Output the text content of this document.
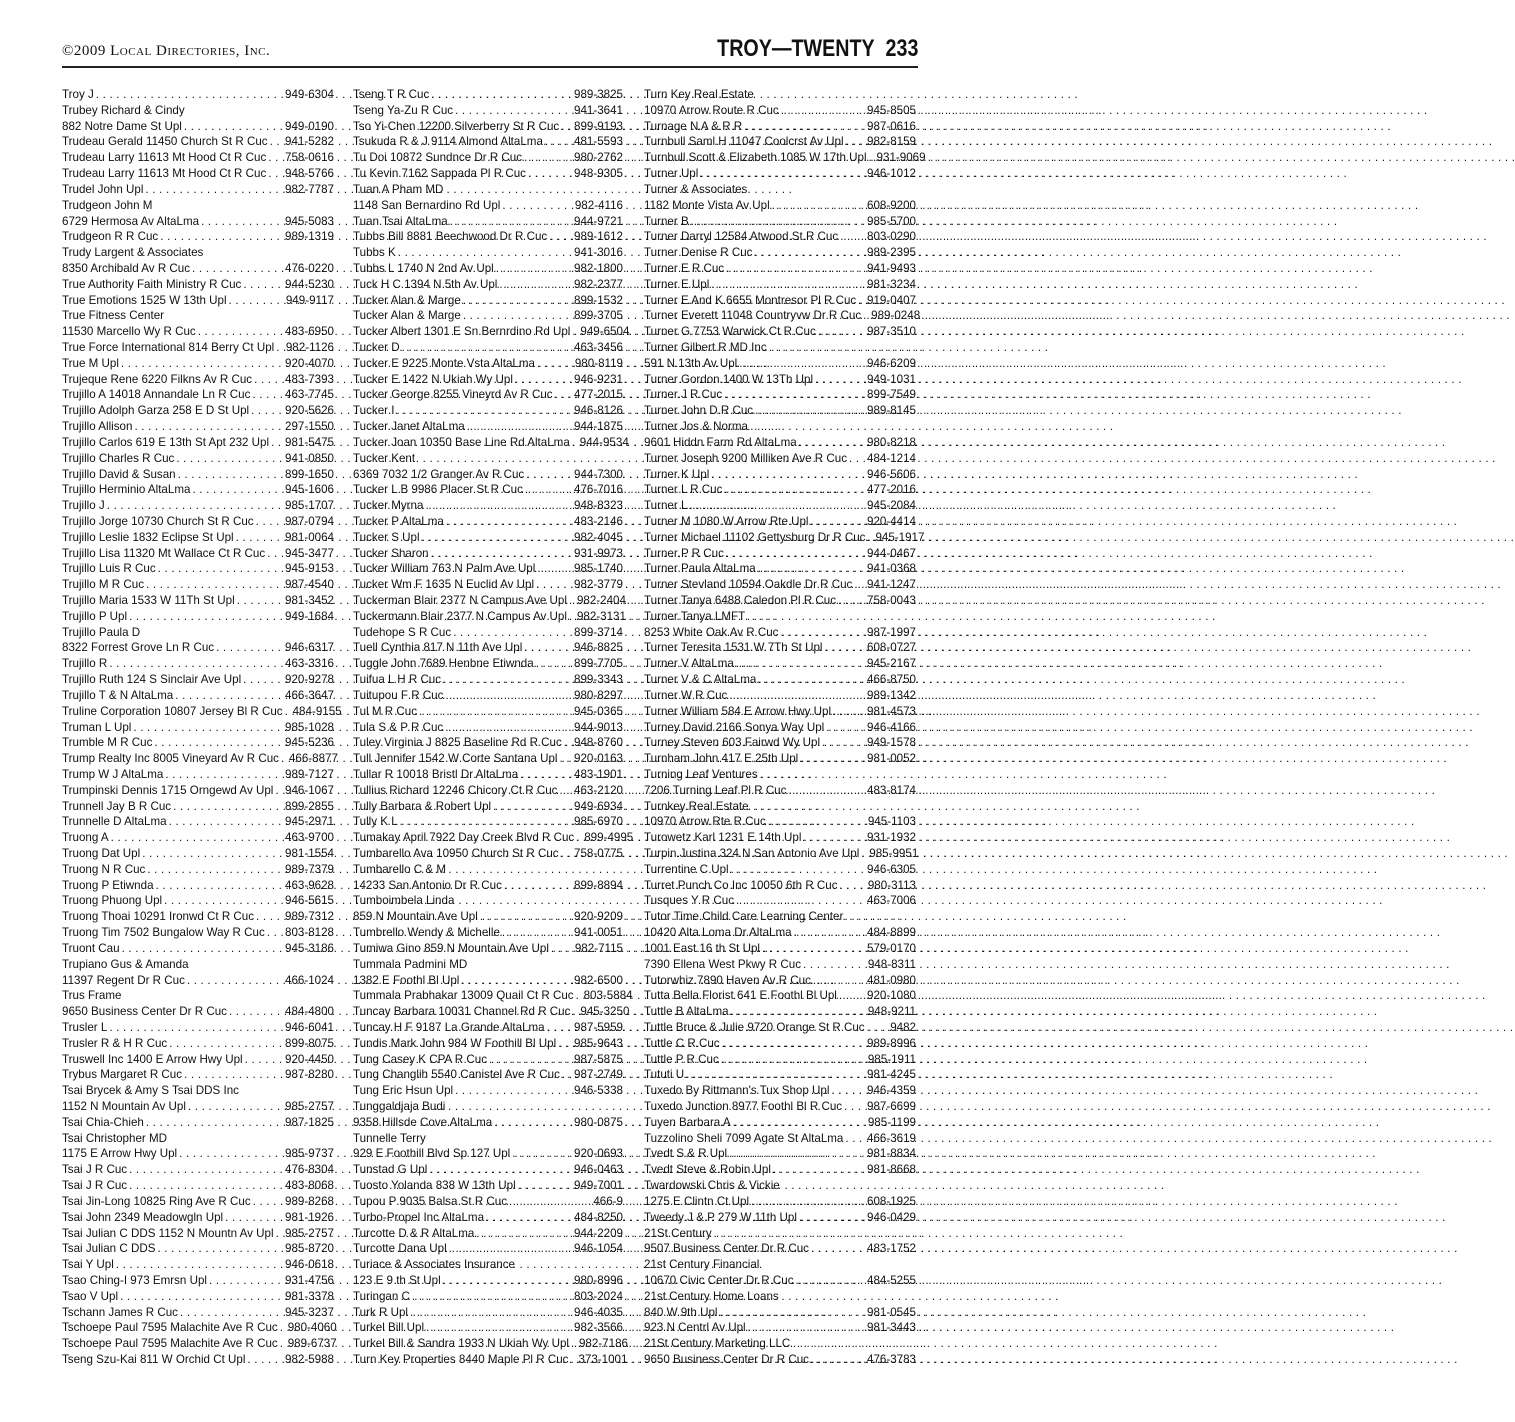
©2009 Local Directories, Inc.	TROY—TWENTY 233
Troy J . . .	949-6304
Trubey Richard & Cindy
882 Notre Dame St Upl . . .	949-0190
Trudeau Gerald 11450 Church St R Cuc . . . 941-5282
Trudeau Larry 11613 Mt Hood Ct R Cuc . . . 758-0616
Trudeau Larry 11613 Mt Hood Ct R Cuc . . . 948-5766
Trudel John Upl . . .	982-7787
Trudgeon John M
6729 Hermosa Av AltaLma . . .	945-5083
Trudgeon R R Cuc . . .	989-1319
Trudy Largent & Associates
8350 Archibald Av R Cuc . . .	476-0220
True Authority Faith Ministry R Cuc . . .	944-5230
True Emotions 1525 W 13th Upl . . .	949-9117
True Fitness Center
11530 Marcello Wy R Cuc . . .	483-6950
True Force International 814 Berry Ct Upl . . . 982-1126
True M Upl . . .	920-4070
Trujeque Rene 6220 Filkns Av R Cuc . . .	483-7393
Trujillo A 14018 Annandale Ln R Cuc . . .	463-7745
Trujillo Adolph Garza 258 E D St Upl . . .	920-5626
Trujillo Allison . . .	297-1550
Trujillo Carlos 619 E 13th St Apt 232 Upl . . . 981-5475
Trujillo Charles R Cuc . . .	941-0850
Trujillo David & Susan . . .	899-1650
Trujillo Herminio AltaLma . . .	945-1606
Trujillo J . . .	985-1707
Trujillo Jorge 10730 Church St R Cuc . . .	987-0794
Trujillo Leslie 1832 Eclipse St Upl . . .	981-0064
Trujillo Lisa 11320 Mt Wallace Ct R Cuc . . . 945-3477
Trujillo Luis R Cuc . . .	945-9153
Trujillo M R Cuc . . .	987-4540
Trujillo Maria 1533 W 11Th St Upl . . .	981-3452
Trujillo P Upl . . .	949-1684
Trujillo Paula D
8322 Forrest Grove Ln R Cuc . . .	946-6317
Trujillo R . . .	463-3316
Trujillo Ruth 124 S Sinclair Ave Upl . . .	920-9278
Trujillo T & N AltaLma . . .	466-3647
Truline Corporation 10807 Jersey Bl R Cuc . . . 484-9155
Truman L Upl . . .	985-1028
Trumble M R Cuc . . .	945-5236
Trump Realty Inc 8005 Vineyard Av R Cuc . . . 466-8877
Trump W J AltaLma . . .	989-7127
Trumpinski Dennis 1715 Orngewd Av Upl . . . 946-1067
Trunnell Jay B R Cuc . . .	899-2855
Trunnelle D AltaLma . . .	945-2971
Truong A . . .	463-9700
Truong Dat Upl . . .	981-1554
Truong N R Cuc . . .	989-7379
Truong P Etiwnda . . .	463-9628
Truong Phuong Upl . . .	946-5615
Truong Thoai 10291 Ironwd Ct R Cuc . . .	989-7312
Truong Tim 7502 Bungalow Way R Cuc . . . 803-8128
Truont Cau . . .	945-3186
Trupiano Gus & Amanda
11397 Regent Dr R Cuc . . .	466-1024
Trus Frame
9650 Business Center Dr R Cuc . . .	484-4800
Trusler L . . .	946-6041
Trusler R & H R Cuc . . .	899-8075
Truswell Inc 1400 E Arrow Hwy Upl . . .	920-4450
Trybus Margaret R Cuc . . .	987-8280
Tsai Brycek & Amy S Tsai DDS Inc
1152 N Mountain Av Upl . . .	985-2757
Tsai Chia-Chieh . . .	987-1825
Tsai Christopher MD
1175 E Arrow Hwy Upl . . .	985-9737
Tsai J R Cuc . . .	476-8304
Tsai J R Cuc . . .	483-8068
Tsai Jin-Long 10825 Ring Ave R Cuc . . .	989-8268
Tsai John 2349 Meadowgln Upl . . .	981-1926
Tsai Julian C DDS 1152 N Mountn Av Upl . . . 985-2757
Tsai Julian C DDS . . .	985-8720
Tsai Y Upl . . .	946-0618
Tsao Ching-I 973 Emrsn Upl . . .	931-4756
Tsao V Upl . . .	981-3378
Tschann James R Cuc . . .	945-3237
Tschoepe Paul 7595 Malachite Ave R Cuc . . . 980-4060
Tschoepe Paul 7595 Malachite Ave R Cuc . . . 989-6737
Tseng Szu-Kai 811 W Orchid Ct Upl . . .	982-5988
Tseng T R Cuc . . .	989-3825
Tseng Ya-Zu R Cuc . . .	941-3641
Tso Yi-Chen 12200 Silverberry St R Cuc . . . 899-9193
Tsukuda R & J 9114 Almond AltaLma . . .	481-5593
Tu Doi 10872 Sundnce Dr R Cuc . . .	980-2762
Tu Kevin 7162 Sappada Pl R Cuc . . .	948-9305
Tuan A Pham MD
1148 San Bernardino Rd Upl . . .	982-4116
Tuan Tsai AltaLma . . .	944-9721
Tubbs Bill 8881 Beechwood Dr R Cuc . . . 989-1612
Tubbs K . . .	941-3016
Tubbs L 1740 N 2nd Av Upl . . .	982-1800
Tuck H C 1394 N 5th Av Upl . . .	982-2377
Tucker Alan & Marge . . .	899-1532
Tucker Alan & Marge . . .	899-3705
Tucker Albert 1301 E Sn Bernrdino Rd Upl . . . 949-6504
Tucker D . . .	463-3456
Tucker E 9225 Monte Vsta AltaLma . . .	980-8119
Tucker E 1422 N Ukiah Wy Upl . . .	946-9231
Tucker George 8255 Vineyrd Av R Cuc . . . 477-2015
Tucker I . . .	946-8126
Tucker Janet AltaLma . . .	944-1875
Tucker Joan 10350 Base Line Rd AltaLma . . . 944-9534
Tucker Kent
6369 7032 1/2 Granger Av R Cuc . . .	944-7300
Tucker L B 9986 Placer St R Cuc . . .	476-7016
Tucker Myrna . . .	948-8323
Tucker P AltaLma . . .	483-2146
Tucker S Upl . . .	982-4045
Tucker Sharon . . .	931-9973
Tucker William 763 N Palm Ave Upl . . .	985-1740
Tucker Wm F 1635 N Euclid Av Upl . . .	982-3779
Tuckerman Blair 2377 N Campus Ave Upl . . . 982-2404
Tuckermann Blair 2377 N Campus Av Upl . . . 982-3131
Tudehope S R Cuc . . .	899-3714
Tuell Cynthia 817 N 11th Ave Upl . . .	946-8825
Tuggle John 7689 Henbne Etiwnda . . .	899-7705
Tuifua L H R Cuc . . .	899-3343
Tuitupou F R Cuc . . .	980-8297
Tul M R Cuc . . .	945-0365
Tula S & P R Cuc . . .	944-9013
Tuley Virginia J 8825 Baseline Rd R Cuc . . . 948-8760
Tull Jennifer 1542 W Corte Santana Upl . . . 920-0163
Tullar R 10018 Bristl Dr AltaLma . . .	483-1901
Tullius Richard 12246 Chicory Ct R Cuc . . . 463-2120
Tully Barbara & Robert Upl . . .	949-6934
Tully K L . . .	985-6970
Tumakay April 7922 Day Creek Blvd R Cuc . . . 899-4995
Tumbarello Ava 10950 Church St R Cuc . . . 758-0775
Tumbarello C & M
14233 San Antonio Dr R Cuc . . .	899-8894
Tumboimbela Linda
859 N Mountain Ave Upl . . .	920-9209
Tumbrello Wendy & Michelle . . .	941-0051
Tumiwa Gino 859 N Mountain Ave Upl . . . 982-7115
Tummala Padmini MD
1382 E Foothl Bl Upl . . .	982-6500
Tummala Prabhakar 13009 Quail Ct R Cuc . . . 803-5884
Tuncay Barbara 10031 Channel Rd R Cuc . . . 945-3250
Tuncay H F 9187 La Grande AltaLma . . .	987-5959
Tundis Mark John 984 W Foothill Bl Upl . . . 985-9643
Tung Casey K CPA R Cuc . . .	987-5875
Tung Changlih 5540 Canistel Ave R Cuc . . . 987-2749
Tung Eric Hsun Upl . . .	946-5338
Tunggaldjaja Budi
9358 Hillsde Cove AltaLma . . .	980-0875
Tunnelle Terry
929 E Foothill Blvd Sp 127 Upl . . .	920-0693
Tunstad G Upl . . .	946-0463
Tuosto Yolanda 838 W 13th Upl . . .	949-7001
Tupou P 9035 Balsa St R Cuc . . .	466-9
Turbo-Propel Inc AltaLma . . .	484-8250
Turcotte D & R AltaLma . . .	944-2209
Turcotte Dana Upl . . .	946-1054
Turiace & Associates Insurance
123 E 9 th St Upl . . .	980-8996
Turingan C . . .	803-2024
Turk R Upl . . .	946-4035
Turkel Bill Upl . . .	982-3566
Turkel Bill & Sandra 1933 N Ukiah Wy Upl . . . 982-7186
Turn Key Properties 8440 Maple Pl R Cuc . . . 373-1001
Turn Key Real Estate
10970 Arrow Route R Cuc . . .	945-8505
Turnage N A & R R . . .	987-0616
Turnbull Saml H 11047 Coolcrst Av Upl . . . 982-8159
Turnbull Scott & Elizabeth 1085 W 17th Upl . . . 931-9069
Turner Upl . . .	946-1012
Turner & Associates
1182 Monte Vista Av Upl . . .	608-9200
Turner B . . .	985-5700
Turner Darryl 12584 Atwood St R Cuc . . . 803-0290
Turner Denise R Cuc . . .	989-2395
Turner E R Cuc . . .	941-9493
Turner E Upl . . .	981-3234
Turner E And K 6655 Montresor Pl R Cuc . . . 919-0407
Turner Everett 11048 Countryvw Dr R Cuc . . . 989-0248
Turner G 7753 Warwick Ct R Cuc . . .	987-3510
Turner Gilbert R MD Inc
591 N 13th Av Upl . . .	946-6209
Turner Gordon 1400 W 13Th Upl . . .	949-1031
Turner J R Cuc . . .	899-7549
Turner John D R Cuc . . .	989-8145
Turner Jos & Norma
9601 Hiddn Farm Rd AltaLma . . .	980-8218
Turner Joseph 9200 Milliken Ave R Cuc . . . 484-1214
Turner K Upl . . .	946-5606
Turner L R Cuc . . .	477-2016
Turner L . . .	945-2084
Turner M 1080 W Arrow Rte Upl . . .	920-4414
Turner Michael 11102 Gettysburg Dr R Cuc . . . 945-1917
Turner P R Cuc . . .	944-0467
Turner Paula AltaLma . . .	941-0368
Turner Stevland 10594 Oakdle Dr R Cuc . . . 941-1247
Turner Tanya 6488 Caledon Pl R Cuc . . .	758-0043
Turner Tanya LMFT
8253 White Oak Av R Cuc . . .	987-1997
Turner Teresita 1531 W 7Th St Upl . . .	608-0727
Turner V AltaLma . . .	945-2167
Turner V & C AltaLma . . .	466-8750
Turner W R Cuc . . .	989-1342
Turner William 584 E Arrow Hwy Upl . . .	981-4573
Turney David 2166 Sonya Way Upl . . .	946-4166
Turney Steven 603 Fairwd Wy Upl . . .	949-1578
Turnham John 417 E 25th Upl . . .	981-0052
Turning Leaf Ventures
7206 Turning Leaf Pl R Cuc . . .	483-8174
Turnkey Real Estate
10970 Arrow Rte R Cuc . . .	945-1103
Turowetz Karl 1231 E 14th Upl . . .	931-1932
Turpin Justina 324 N San Antonio Ave Upl . . . 985-9951
Turrentine C Upl . . .	946-6305
Turret Punch Co Inc 10050 6th R Cuc . . .	980-3113
Tusques Y R Cuc . . .	463-7006
Tutor Time Child Care Learning Center
10420 Alta Loma Dr AltaLma . . .	484-8899
1001 East 16 th St Upl . . .	579-0170
7390 Ellena West Pkwy R Cuc . . .	948-8311
Tutorwhiz 7890 Haven Av R Cuc . . .	481-0980
Tutta Bella Florist 641 E Foothl Bl Upl . . .	920-1080
Tuttle B AltaLma . . .	948-9211
Tuttle Bruce & Julie 9720 Orange St R Cuc . . . 9482
Tuttle C R Cuc . . .	989-8996
Tuttle P R Cuc . . .	985-1911
Tututi U . . .	981-4245
Tuxedo By Rittmann's Tux Shop Upl . . .	946-4359
Tuxedo Junction 8977 Foothl Bl R Cuc . . . 987-6699
Tuyen Barbara A . . .	985-1199
Tuzzolino Sheli 7099 Agate St AltaLma . . . 466-3619
Tvedt S & R Upl . . .	981-8834
Tvedt Steve & Robin Upl . . .	981-8668
Twardowski Chris & Vickie
1275 E Clintn Ct Upl . . .	608-1925
Tweedy J & P 279 W 11th Upl . . .	946-0429
21St Century
9507 Business Center Dr R Cuc . . .	483-1752
21st Century Financial
10670 Civic Center Dr R Cuc . . .	484-5255
21st Century Home Loans
840 W 9th Upl . . .	981-0545
923 N Centrl Av Upl . . .	981-3443
21St Century Marketing LLC
9650 Business Center Dr R Cuc . . .	476-3783
